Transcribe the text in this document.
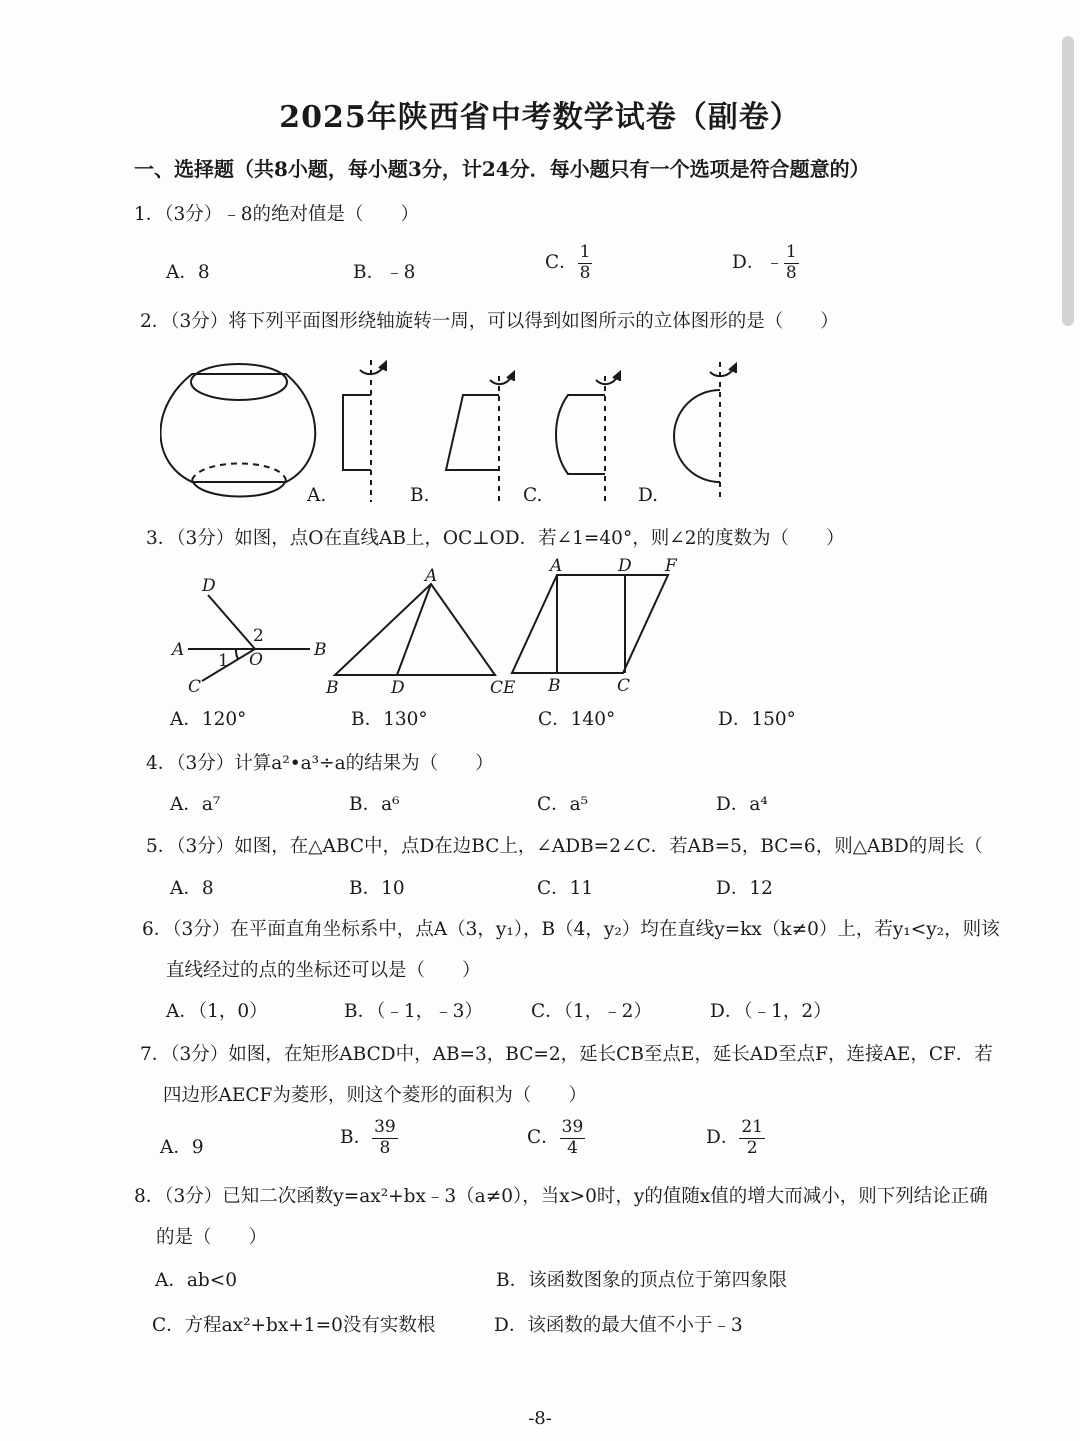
2025年陕西省中考数学试卷（副卷）
一、选择题（共8小题，每小题3分，计24分．每小题只有一个选项是符合题意的）
1．（3分）﹣8的绝对值是（　　）
A．8	B．﹣8	C． $\frac{1}{8}$	D．﹣ $\frac{1}{8}$
2．（3分）将下列平面图形绕轴旋转一周，可以得到如图所示的立体图形的是（　　）
A.	B.	C.	D.
3．（3分）如图，点O在直线AB上，OC⊥OD．若∠1=40°，则∠2的度数为（　　）
D
A	B
C
O
1
2
A
B	D	CE
A	D F
B	C
A．120°	B．130°	C．140°	D．150°
4．（3分）计算a²•a³÷a的结果为（　　）
A．a⁷	B．a⁶	C．a⁵	D．a⁴
5．（3分）如图，在△ABC中，点D在边BC上，∠ADB=2∠C．若AB=5，BC=6，则△ABD的周长（
A．8	B．10	C．11	D．12
6．（3分）在平面直角坐标系中，点A（3，y₁），B（4，y₂）均在直线y=kx（k≠0）上，若y₁<y₂，则该
直线经过的点的坐标还可以是（　　）
A．（1，0）	B．（﹣1，﹣3）	C．（1，﹣2）	D．（﹣1，2）
7．（3分）如图，在矩形ABCD中，AB=3，BC=2，延长CB至点E，延长AD至点F，连接AE，CF．若
四边形AECF为菱形，则这个菱形的面积为（　　）
A．9	B． $\frac{39}{8}$	C． $\frac{39}{4}$	D． $\frac{21}{2}$
8．（3分）已知二次函数y=ax²+bx﹣3（a≠0），当x>0时，y的值随x值的增大而减小，则下列结论正确
的是（　　）
A．ab<0	B．该函数图象的顶点位于第四象限
C．方程ax²+bx+1=0没有实数根	D．该函数的最大值不小于﹣3
-8-
